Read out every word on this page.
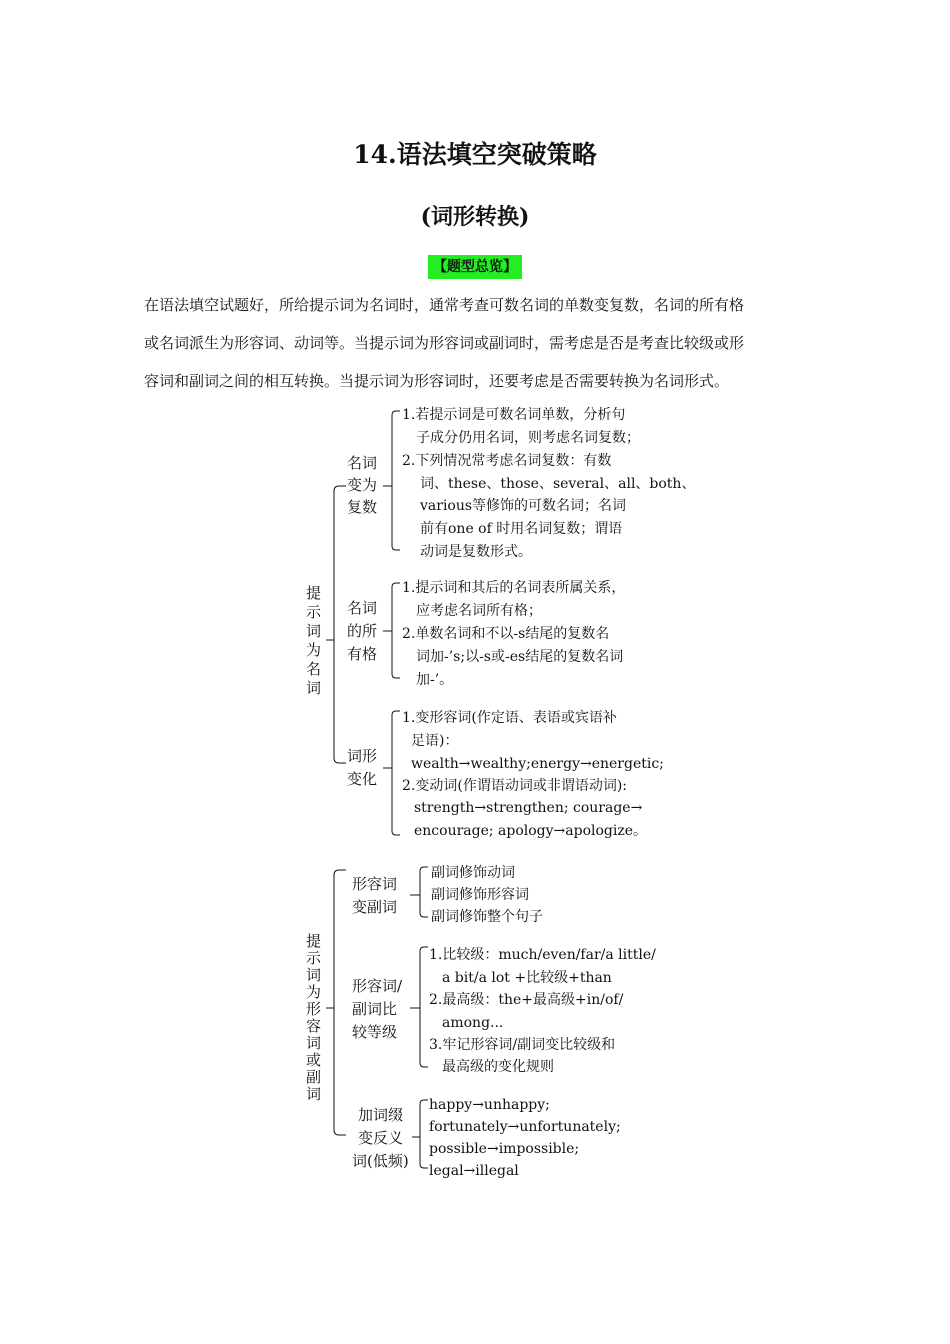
14.语法填空突破策略
(词形转换)
【题型总览】

在语法填空试题好，所给提示词为名词时，通常考查可数名词的单数变复数，名词的所有格
或名词派生为形容词、动词等。当提示词为形容词或副词时，需考虑是否是考查比较级或形
容词和副词之间的相互转换。当提示词为形容词时，还要考虑是否需要转换为名词形式。

提
示
词
为
名
词
名词
变为
复数
1.若提示词是可数名词单数，分析句
子成分仍用名词，则考虑名词复数；
2.下列情况常考虑名词复数：有数
词、these、those、several、all、both、
various等修饰的可数名词；名词
前有one of 时用名词复数；谓语
动词是复数形式。
名词
的所
有格
1.提示词和其后的名词表所属关系，
应考虑名词所有格；
2.单数名词和不以-s结尾的复数名
词加-’s;以-s或-es结尾的复数名词
加-’。
词形
变化
1.变形容词(作定语、表语或宾语补
足语)：
wealth→wealthy;energy→energetic;
2.变动词(作谓语动词或非谓语动词):
strength→strengthen; courage→
encourage; apology→apologize。
提
示
词
为
形
容
词
或
副
词
形容词
变副词
副词修饰动词
副词修饰形容词
副词修饰整个句子
形容词/
副词比
较等级
1.比较级：much/even/far/a little/
a bit/a lot +比较级+than
2.最高级：the+最高级+in/of/
among...
3.牢记形容词/副词变比较级和
最高级的变化规则
加词缀
变反义
词(低频)
happy→unhappy;
fortunately→unfortunately;
possible→impossible;
legal→illegal
